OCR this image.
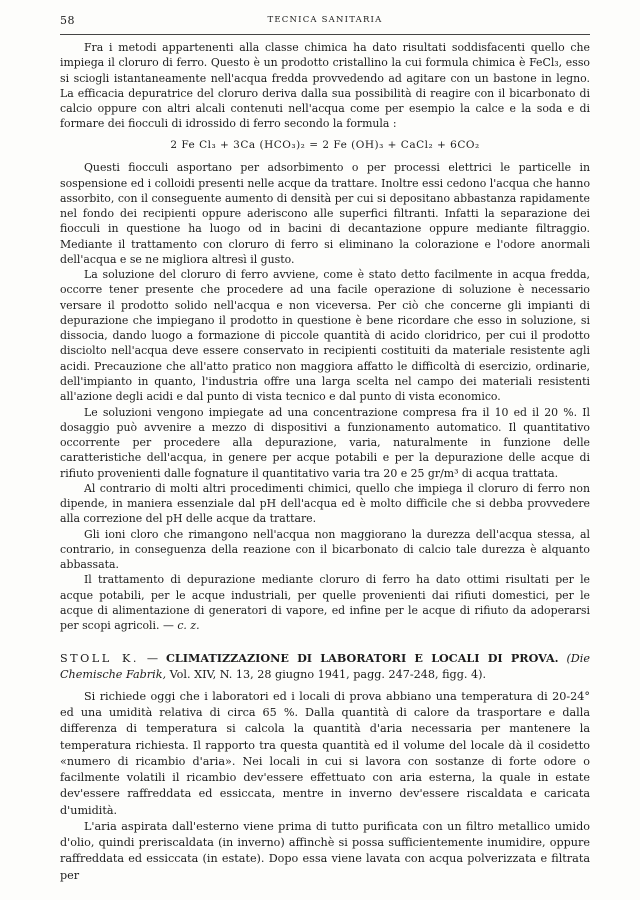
58	TECNICA SANITARIA

Fra i metodi appartenenti alla classe chimica ha dato risultati soddisfacenti quello che impiega il cloruro di ferro. Questo è un prodotto cristallino la cui formula chimica è FeCl₃, esso si sciogli istantaneamente nell'acqua fredda provvedendo ad agitare con un bastone in legno. La efficacia depuratrice del cloruro deriva dalla sua possibilità di reagire con il bicarbonato di calcio oppure con altri alcali contenuti nell'acqua come per esempio la calce e la soda e di formare dei fiocculi di idrossido di ferro secondo la formula :

2 Fe Cl₃ + 3Ca (HCO₃)₂ = 2 Fe (OH)₃ + CaCl₂ + 6CO₂

Questi fiocculi asportano per adsorbimento o per processi elettrici le particelle in sospensione ed i colloidi presenti nelle acque da trattare. Inoltre essi cedono l'acqua che hanno assorbito, con il conseguente aumento di densità per cui si depositano abbastanza rapidamente nel fondo dei recipienti oppure aderiscono alle superfici filtranti. Infatti la separazione dei fiocculi in questione ha luogo od in bacini di decantazione oppure mediante filtraggio. Mediante il trattamento con cloruro di ferro si eliminano la colorazione e l'odore anormali dell'acqua e se ne migliora altresì il gusto.

La soluzione del cloruro di ferro avviene, come è stato detto facilmente in acqua fredda, occorre tener presente che procedere ad una facile operazione di soluzione è necessario versare il prodotto solido nell'acqua e non viceversa. Per ciò che concerne gli impianti di depurazione che impiegano il prodotto in questione è bene ricordare che esso in soluzione, si dissocia, dando luogo a formazione di piccole quantità di acido cloridrico, per cui il prodotto disciolto nell'acqua deve essere conservato in recipienti costituiti da materiale resistente agli acidi. Precauzione che all'atto pratico non maggiora affatto le difficoltà di esercizio, ordinarie, dell'impianto in quanto, l'industria offre una larga scelta nel campo dei materiali resistenti all'azione degli acidi e dal punto di vista tecnico e dal punto di vista economico.

Le soluzioni vengono impiegate ad una concentrazione compresa fra il 10 ed il 20 %. Il dosaggio può avvenire a mezzo di dispositivi a funzionamento automatico. Il quantitativo occorrente per procedere alla depurazione, varia, naturalmente in funzione delle caratteristiche dell'acqua, in genere per acque potabili e per la depurazione delle acque di rifiuto provenienti dalle fognature il quantitativo varia tra 20 e 25 gr/m³ di acqua trattata.

Al contrario di molti altri procedimenti chimici, quello che impiega il cloruro di ferro non dipende, in maniera essenziale dal pH dell'acqua ed è molto difficile che si debba provvedere alla correzione del pH delle acque da trattare.

Gli ioni cloro che rimangono nell'acqua non maggiorano la durezza dell'acqua stessa, al contrario, in conseguenza della reazione con il bicarbonato di calcio tale durezza è alquanto abbassata.

Il trattamento di depurazione mediante cloruro di ferro ha dato ottimi risultati per le acque potabili, per le acque industriali, per quelle provenienti dai rifiuti domestici, per le acque di alimentazione di generatori di vapore, ed infine per le acque di rifiuto da adoperarsi per scopi agricoli. — c. z.

STOLL K. — CLIMATIZZAZIONE DI LABORATORI E LOCALI DI PROVA. (Die Chemische Fabrik, Vol. XIV, N. 13, 28 giugno 1941, pagg. 247-248, figg. 4).

Si richiede oggi che i laboratori ed i locali di prova abbiano una temperatura di 20-24° ed una umidità relativa di circa 65 %. Dalla quantità di calore da trasportare e dalla differenza di temperatura si calcola la quantità d'aria necessaria per mantenere la temperatura richiesta. Il rapporto tra questa quantità ed il volume del locale dà il cosidetto «numero di ricambio d'aria». Nei locali in cui si lavora con sostanze di forte odore o facilmente volatili il ricambio dev'essere effettuato con aria esterna, la quale in estate dev'essere raffreddata ed essiccata, mentre in inverno dev'essere riscaldata e caricata d'umidità.

L'aria aspirata dall'esterno viene prima di tutto purificata con un filtro metallico umido d'olio, quindi preriscaldata (in inverno) affinchè si possa sufficientemente inumidire, oppure raffreddata ed essiccata (in estate). Dopo essa viene lavata con acqua polverizzata e filtrata per
